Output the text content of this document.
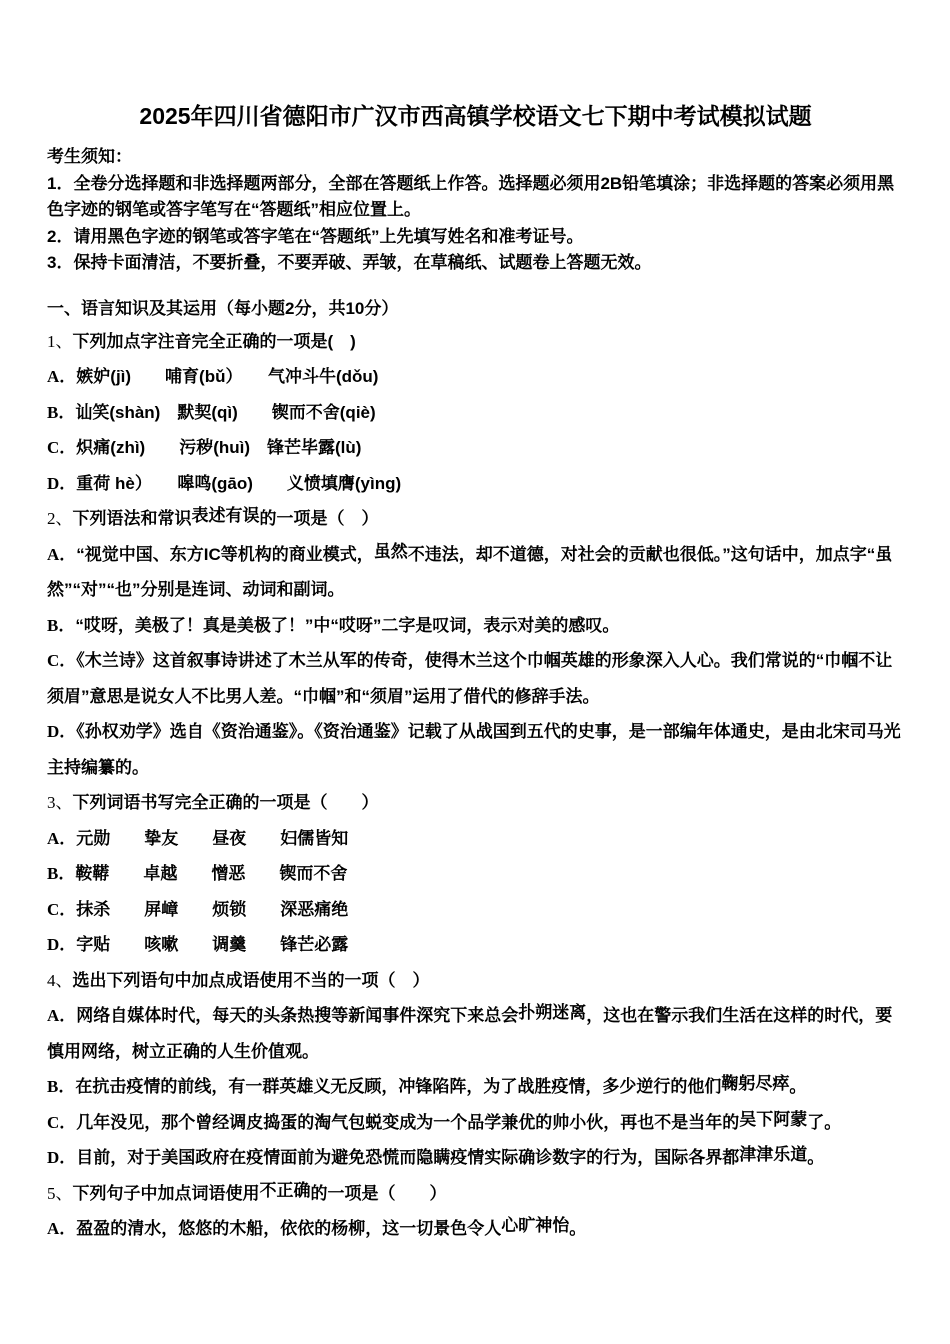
2025年四川省德阳市广汉市西高镇学校语文七下期中考试模拟试题

考生须知：

1．全卷分选择题和非选择题两部分，全部在答题纸上作答。选择题必须用2B铅笔填涂；非选择题的答案必须用黑色字迹的钢笔或答字笔写在“答题纸”相应位置上。

2．请用黑色字迹的钢笔或答字笔在“答题纸”上先填写姓名和准考证号。

3．保持卡面清洁，不要折叠，不要弄破、弄皱，在草稿纸、试题卷上答题无效。

一、语言知识及其运用（每小题2分，共10分）

1、下列加点字注音完全正确的一项是(　)

A．嫉妒(jì)　　哺育(bǔ）　　气冲斗牛(dǒu)

B．讪笑(shàn)　默契(qì)　　锲而不舍(qiè)

C．炽痛(zhì)　　污秽(huì)　锋芒毕露(lù)

D．重荷 hè）　　嗥鸣(gāo)　　义愤填膺(yìng)

2、下列语法和常识表述有误的一项是（　）

A．“视觉中国、东方IC等机构的商业模式，虽然不违法，却不道德，对社会的贡献也很低。”这句话中，加点字“虽然”“对”“也”分别是连词、动词和副词。

B．“哎呀，美极了！真是美极了！”中“哎呀”二字是叹词，表示对美的感叹。

C．《木兰诗》这首叙事诗讲述了木兰从军的传奇，使得木兰这个巾帼英雄的形象深入人心。我们常说的“巾帼不让须眉”意思是说女人不比男人差。“巾帼”和“须眉”运用了借代的修辞手法。

D．《孙权劝学》选自《资治通鉴》。《资治通鉴》记载了从战国到五代的史事，是一部编年体通史，是由北宋司马光主持编纂的。

3、下列词语书写完全正确的一项是（　　）

A．元勋　　挚友　　昼夜　　妇儒皆知

B．鞍鞯　　卓越　　憎恶　　锲而不舍

C．抹杀　　屏嶂　　烦锁　　深恶痛绝

D．字贴　　咳嗽　　调羹　　锋芒必露

4、选出下列语句中加点成语使用不当的一项（　）

A．网络自媒体时代，每天的头条热搜等新闻事件深究下来总会扑朔迷离，这也在警示我们生活在这样的时代，要慎用网络，树立正确的人生价值观。

B．在抗击疫情的前线，有一群英雄义无反顾，冲锋陷阵，为了战胜疫情，多少逆行的他们鞠躬尽瘁。

C．几年没见，那个曾经调皮捣蛋的淘气包蜕变成为一个品学兼优的帅小伙，再也不是当年的吴下阿蒙了。

D．目前，对于美国政府在疫情面前为避免恐慌而隐瞒疫情实际确诊数字的行为，国际各界都津津乐道。

5、下列句子中加点词语使用不正确的一项是（　　）

A．盈盈的清水，悠悠的木船，依依的杨柳，这一切景色令人心旷神怡。
